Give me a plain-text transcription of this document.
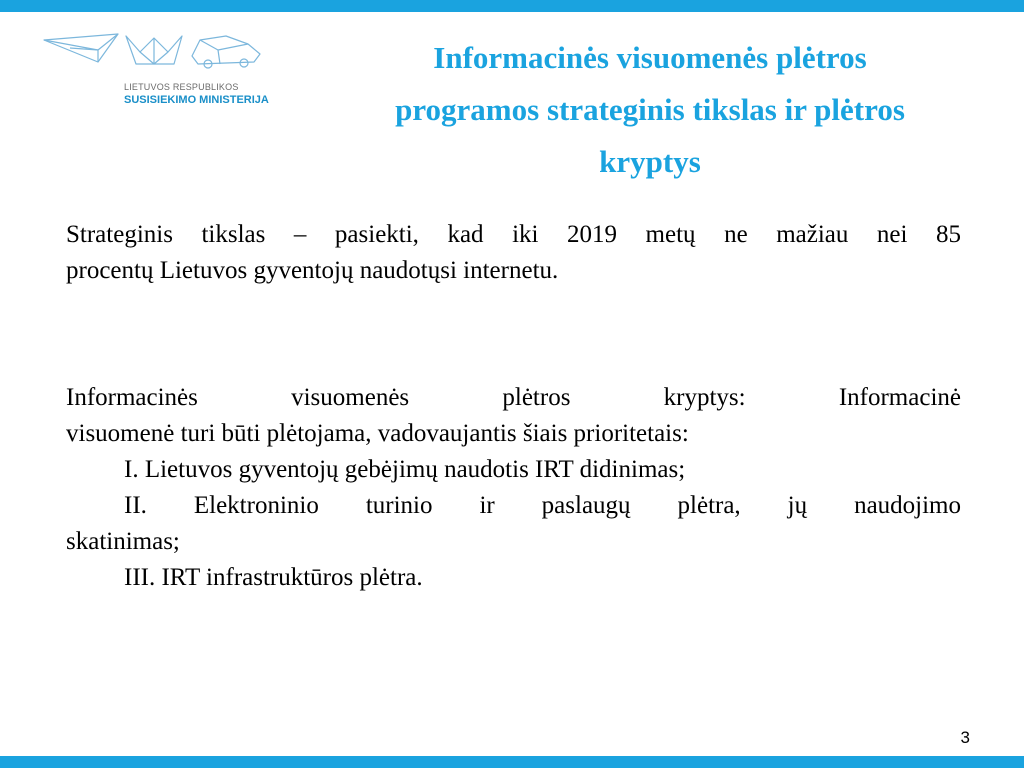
LIETUVOS RESPUBLIKOS
SUSISIEKIMO MINISTERIJA
Informacinės visuomenės plėtros
programos strateginis tikslas ir plėtros
kryptys
Strateginis tikslas – pasiekti, kad iki 2019 metų ne mažiau nei 85
procentų Lietuvos gyventojų naudotųsi internetu.
Informacinės visuomenės plėtros kryptys: Informacinė
visuomenė turi būti plėtojama, vadovaujantis šiais prioritetais:
I. Lietuvos gyventojų gebėjimų naudotis IRT didinimas;
II. Elektroninio turinio ir paslaugų plėtra, jų naudojimo
skatinimas;
III. IRT infrastruktūros plėtra.
3
